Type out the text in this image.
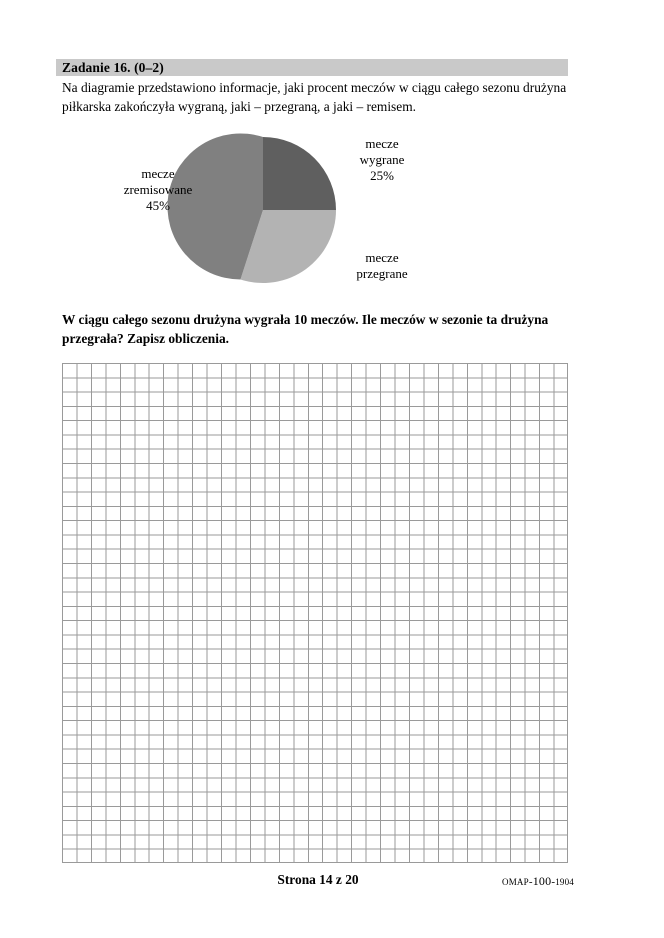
Zadanie 16. (0–2)
Na diagramie przedstawiono informacje, jaki procent meczów w ciągu całego sezonu drużyna
piłkarska zakończyła wygraną, jaki – przegraną, a jaki – remisem.
mecze
wygrane
25%
mecze
zremisowane
45%
mecze
przegrane
W ciągu całego sezonu drużyna wygrała 10 meczów. Ile meczów w sezonie ta drużyna
przegrała? Zapisz obliczenia.
Strona 14 z 20	OMAP-100-1904
